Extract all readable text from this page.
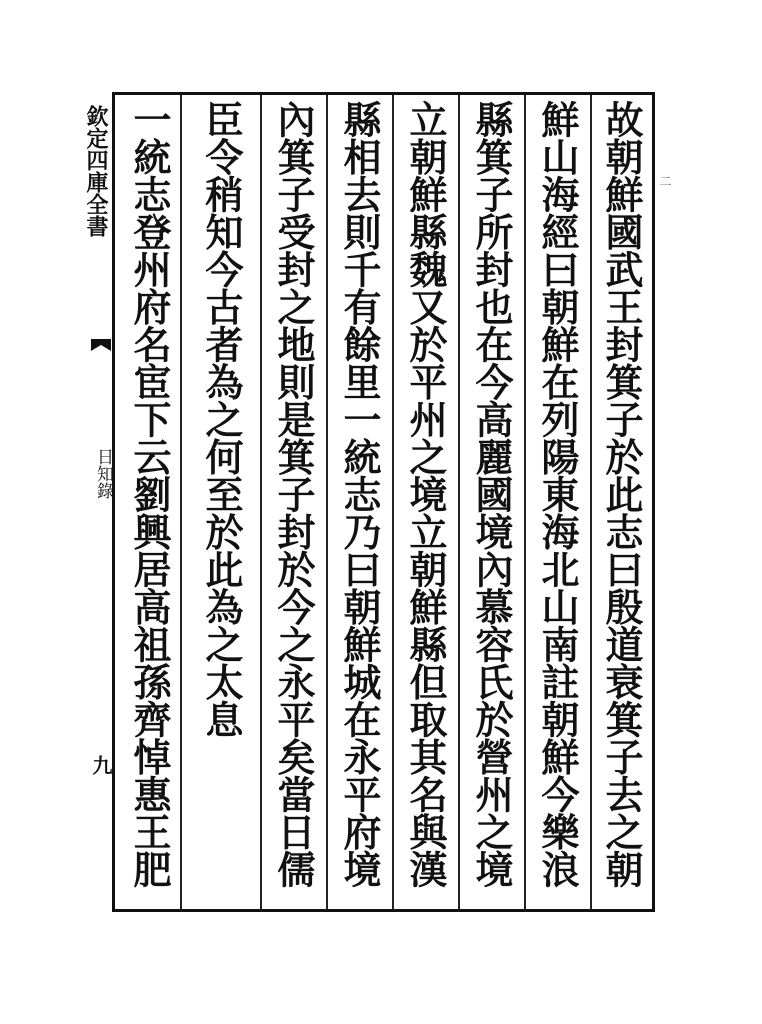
故朝鮮國武王封箕子於此志曰殷道衰箕子去之朝
鮮山海經曰朝鮮在列陽東海北山南註朝鮮今樂浪
縣箕子所封也在今高麗國境內慕容氏於營州之境
立朝鮮縣魏又於平州之境立朝鮮縣但取其名與漢
縣相去則千有餘里一統志乃曰朝鮮城在永平府境
內箕子受封之地則是箕子封於今之永平矣當日儒
臣令稍知今古者為之何至於此為之太息
一統志登州府名宦下云劉興居高祖孫齊悼惠王肥
欽定四庫全書
日知錄
九
二
